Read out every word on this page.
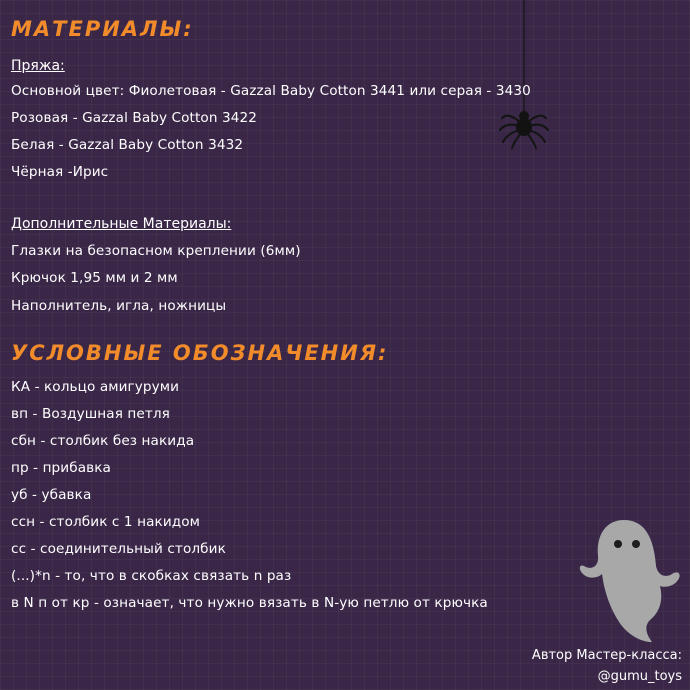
МАТЕРИАЛЫ:
Пряжа:
Основной цвет: Фиолетовая - Gazzal Baby Cotton 3441 или серая - 3430
Розовая - Gazzal Baby Cotton 3422
Белая - Gazzal Baby Cotton 3432
Чёрная -Ирис
Дополнительные Материалы:
Глазки на безопасном креплении (6мм)
Крючок 1,95 мм и 2 мм
Наполнитель, игла, ножницы
УСЛОВНЫЕ ОБОЗНАЧЕНИЯ:
КА - кольцо амигуруми
вп - Воздушная петля
сбн - столбик без накида
пр - прибавка
уб - убавка
ссн - столбик с 1 накидом
сс - соединительный столбик
(...)*n - то, что в скобках связать n раз
в N п от кр - означает, что нужно вязать в N-ую петлю от крючка
Автор Мастер-класса:
@gumu_toys
